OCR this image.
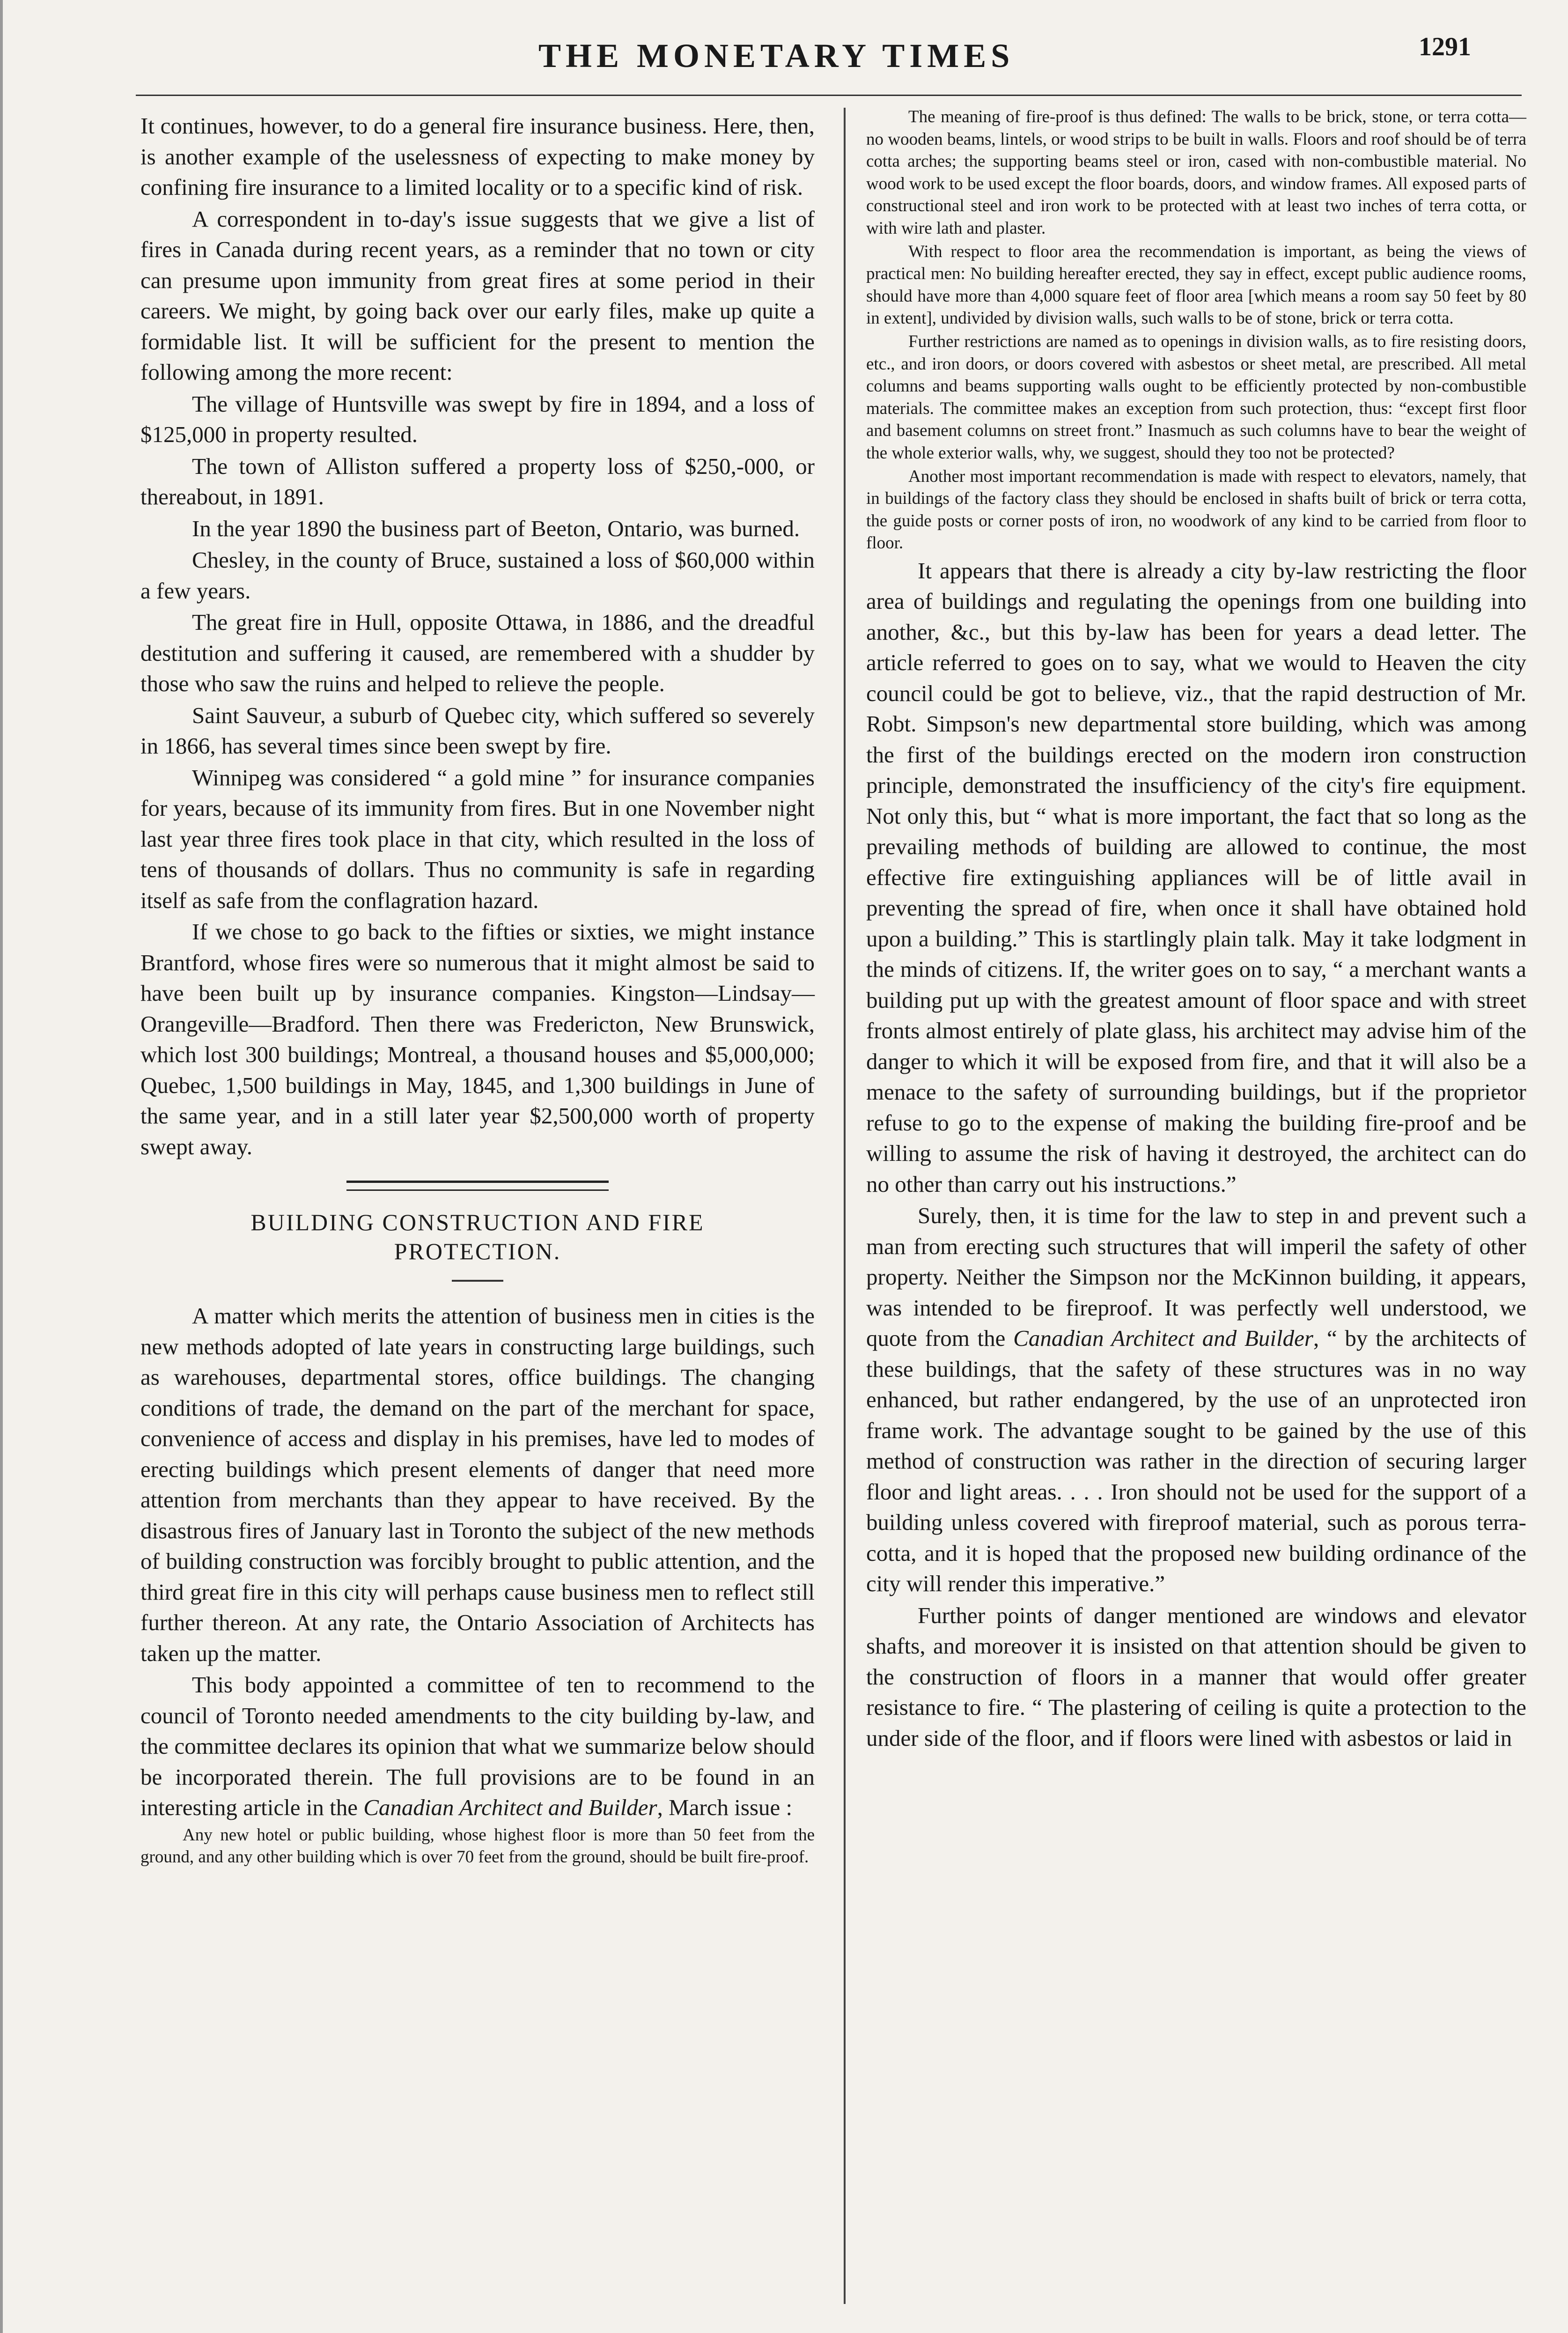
THE MONETARY TIMES	1291

It continues, however, to do a general fire insurance business. Here, then, is another example of the uselessness of expecting to make money by confining fire insurance to a limited locality or to a specific kind of risk.

A correspondent in to-day's issue suggests that we give a list of fires in Canada during recent years, as a reminder that no town or city can presume upon immunity from great fires at some period in their careers. We might, by going back over our early files, make up quite a formidable list. It will be sufficient for the present to mention the following among the more recent:

The village of Huntsville was swept by fire in 1894, and a loss of $125,000 in property resulted.

The town of Alliston suffered a property loss of $250,-000, or thereabout, in 1891.

In the year 1890 the business part of Beeton, Ontario, was burned.

Chesley, in the county of Bruce, sustained a loss of $60,000 within a few years.

The great fire in Hull, opposite Ottawa, in 1886, and the dreadful destitution and suffering it caused, are remembered with a shudder by those who saw the ruins and helped to relieve the people.

Saint Sauveur, a suburb of Quebec city, which suffered so severely in 1866, has several times since been swept by fire.

Winnipeg was considered “ a gold mine ” for insurance companies for years, because of its immunity from fires. But in one November night last year three fires took place in that city, which resulted in the loss of tens of thousands of dollars. Thus no community is safe in regarding itself as safe from the conflagration hazard.

If we chose to go back to the fifties or sixties, we might instance Brantford, whose fires were so numerous that it might almost be said to have been built up by insurance companies. Kingston—Lindsay—Orangeville—Bradford. Then there was Fredericton, New Brunswick, which lost 300 buildings; Montreal, a thousand houses and $5,000,000; Quebec, 1,500 buildings in May, 1845, and 1,300 buildings in June of the same year, and in a still later year $2,500,000 worth of property swept away.

BUILDING CONSTRUCTION AND FIRE PROTECTION.

A matter which merits the attention of business men in cities is the new methods adopted of late years in constructing large buildings, such as warehouses, departmental stores, office buildings. The changing conditions of trade, the demand on the part of the merchant for space, convenience of access and display in his premises, have led to modes of erecting buildings which present elements of danger that need more attention from merchants than they appear to have received. By the disastrous fires of January last in Toronto the subject of the new methods of building construction was forcibly brought to public attention, and the third great fire in this city will perhaps cause business men to reflect still further thereon. At any rate, the Ontario Association of Architects has taken up the matter.

This body appointed a committee of ten to recommend to the council of Toronto needed amendments to the city building by-law, and the committee declares its opinion that what we summarize below should be incorporated therein. The full provisions are to be found in an interesting article in the Canadian Architect and Builder, March issue :

Any new hotel or public building, whose highest floor is more than 50 feet from the ground, and any other building which is over 70 feet from the ground, should be built fire-proof.

The meaning of fire-proof is thus defined: The walls to be brick, stone, or terra cotta—no wooden beams, lintels, or wood strips to be built in walls. Floors and roof should be of terra cotta arches; the supporting beams steel or iron, cased with non-combustible material. No wood work to be used except the floor boards, doors, and window frames. All exposed parts of constructional steel and iron work to be protected with at least two inches of terra cotta, or with wire lath and plaster.

With respect to floor area the recommendation is important, as being the views of practical men: No building hereafter erected, they say in effect, except public audience rooms, should have more than 4,000 square feet of floor area [which means a room say 50 feet by 80 in extent], undivided by division walls, such walls to be of stone, brick or terra cotta.

Further restrictions are named as to openings in division walls, as to fire resisting doors, etc., and iron doors, or doors covered with asbestos or sheet metal, are prescribed. All metal columns and beams supporting walls ought to be efficiently protected by non-combustible materials. The committee makes an exception from such protection, thus: “except first floor and basement columns on street front.” Inasmuch as such columns have to bear the weight of the whole exterior walls, why, we suggest, should they too not be protected?

Another most important recommendation is made with respect to elevators, namely, that in buildings of the factory class they should be enclosed in shafts built of brick or terra cotta, the guide posts or corner posts of iron, no woodwork of any kind to be carried from floor to floor.

It appears that there is already a city by-law restricting the floor area of buildings and regulating the openings from one building into another, &c., but this by-law has been for years a dead letter. The article referred to goes on to say, what we would to Heaven the city council could be got to believe, viz., that the rapid destruction of Mr. Robt. Simpson's new departmental store building, which was among the first of the buildings erected on the modern iron construction principle, demonstrated the insufficiency of the city's fire equipment. Not only this, but “ what is more important, the fact that so long as the prevailing methods of building are allowed to continue, the most effective fire extinguishing appliances will be of little avail in preventing the spread of fire, when once it shall have obtained hold upon a building.” This is startlingly plain talk. May it take lodgment in the minds of citizens. If, the writer goes on to say, “ a merchant wants a building put up with the greatest amount of floor space and with street fronts almost entirely of plate glass, his architect may advise him of the danger to which it will be exposed from fire, and that it will also be a menace to the safety of surrounding buildings, but if the proprietor refuse to go to the expense of making the building fire-proof and be willing to assume the risk of having it destroyed, the architect can do no other than carry out his instructions.”

Surely, then, it is time for the law to step in and prevent such a man from erecting such structures that will imperil the safety of other property. Neither the Simpson nor the McKinnon building, it appears, was intended to be fireproof. It was perfectly well understood, we quote from the Canadian Architect and Builder, “ by the architects of these buildings, that the safety of these structures was in no way enhanced, but rather endangered, by the use of an unprotected iron frame work. The advantage sought to be gained by the use of this method of construction was rather in the direction of securing larger floor and light areas. . . . Iron should not be used for the support of a building unless covered with fireproof material, such as porous terra-cotta, and it is hoped that the proposed new building ordinance of the city will render this imperative.”

Further points of danger mentioned are windows and elevator shafts, and moreover it is insisted on that attention should be given to the construction of floors in a manner that would offer greater resistance to fire. “ The plastering of ceiling is quite a protection to the under side of the floor, and if floors were lined with asbestos or laid in
